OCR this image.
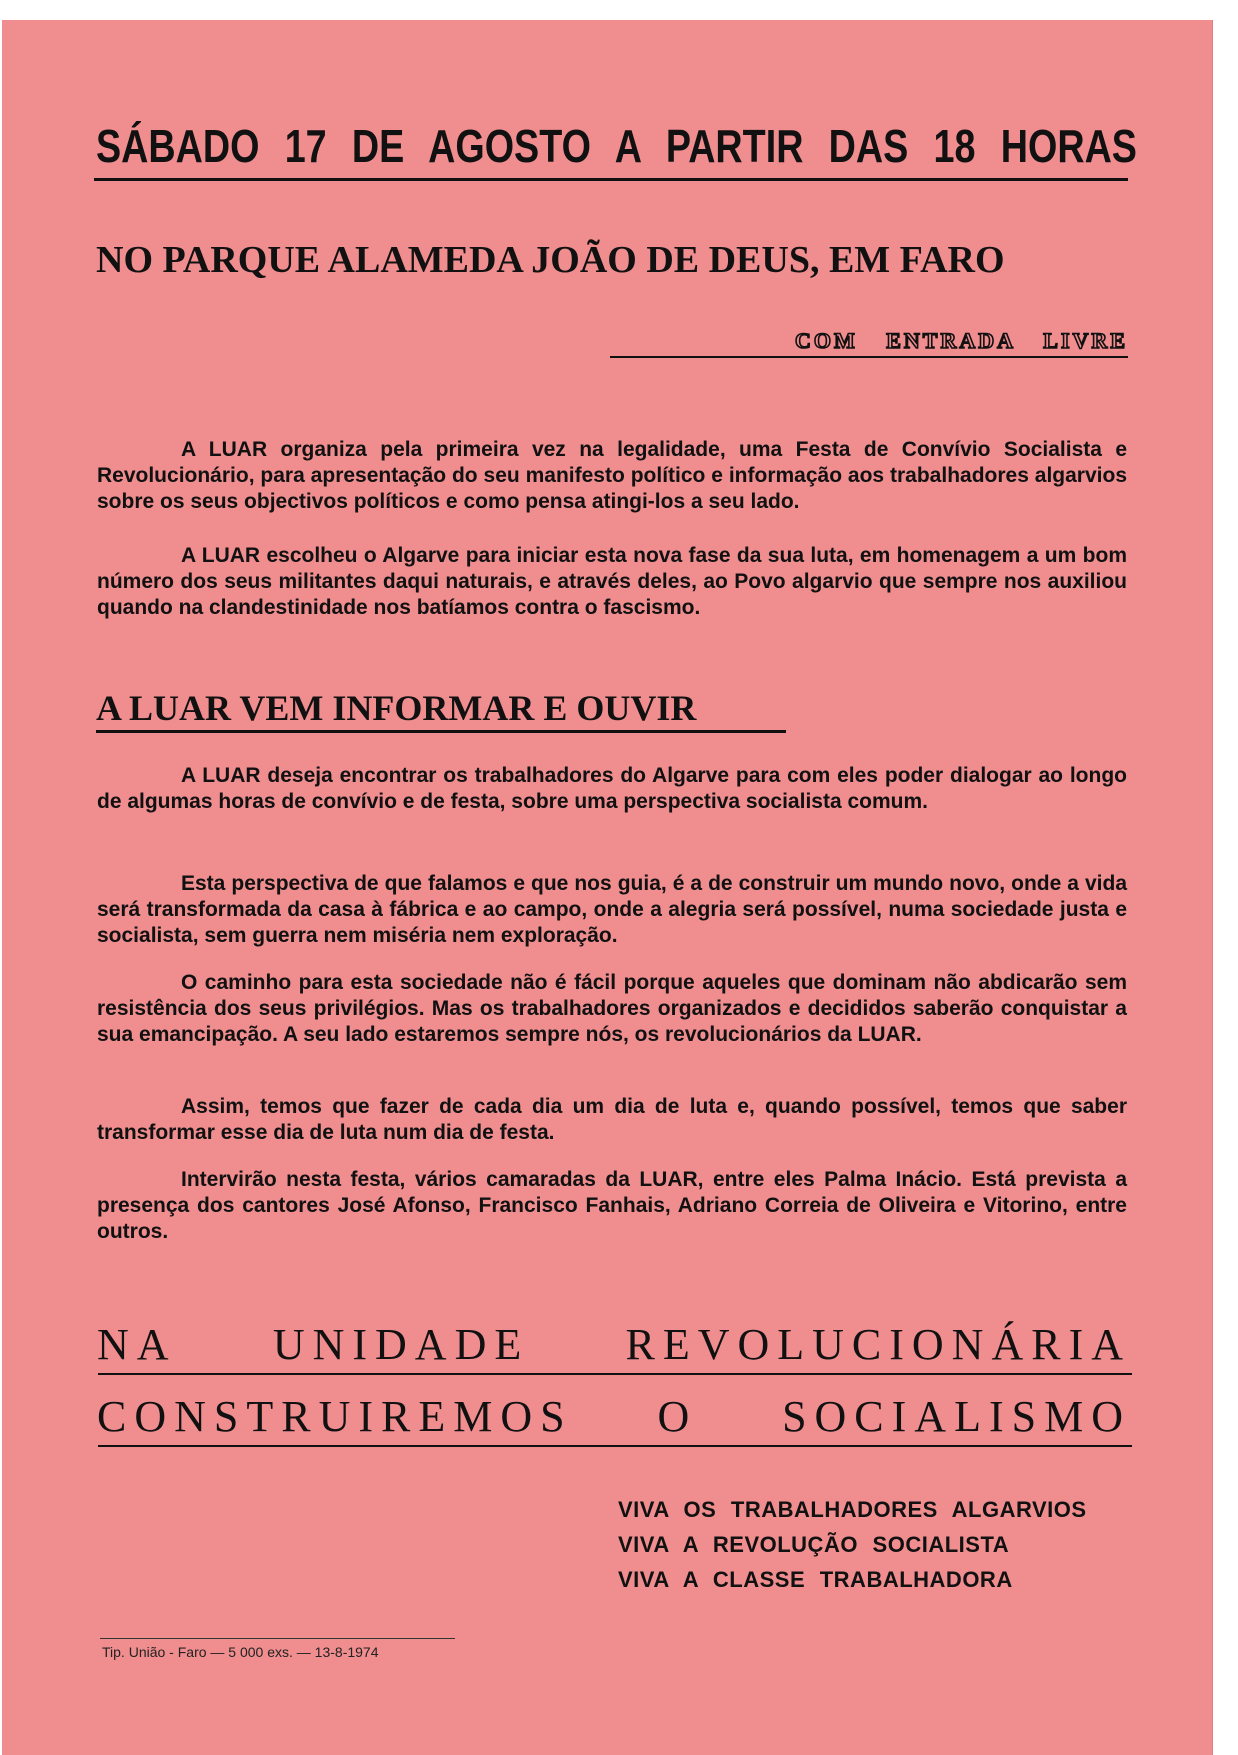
SÁBADO 17 DE AGOSTO A PARTIR DAS 18 HORAS
NO PARQUE ALAMEDA JOÃO DE DEUS, EM FARO
COM ENTRADA LIVRE

A LUAR organiza pela primeira vez na legalidade, uma Festa de Convívio Socialista e Revolucionário, para apresentação do seu manifesto político e informação aos trabalhadores algarvios sobre os seus objectivos políticos e como pensa atingi-los a seu lado.

A LUAR escolheu o Algarve para iniciar esta nova fase da sua luta, em homenagem a um bom número dos seus militantes daqui naturais, e através deles, ao Povo algarvio que sempre nos auxiliou quando na clandestinidade nos batíamos contra o fascismo.

A LUAR VEM INFORMAR E OUVIR

A LUAR deseja encontrar os trabalhadores do Algarve para com eles poder dialogar ao longo de algumas horas de convívio e de festa, sobre uma perspectiva socialista comum.

Esta perspectiva de que falamos e que nos guia, é a de construir um mundo novo, onde a vida será transformada da casa à fábrica e ao campo, onde a alegria será possível, numa sociedade justa e socialista, sem guerra nem miséria nem exploração.

O caminho para esta sociedade não é fácil porque aqueles que dominam não abdicarão sem resistência dos seus privilégios. Mas os trabalhadores organizados e decididos saberão conquistar a sua emancipação. A seu lado estaremos sempre nós, os revolucionários da LUAR.

Assim, temos que fazer de cada dia um dia de luta e, quando possível, temos que saber transformar esse dia de luta num dia de festa.

Intervirão nesta festa, vários camaradas da LUAR, entre eles Palma Inácio. Está prevista a presença dos cantores José Afonso, Francisco Fanhais, Adriano Correia de Oliveira e Vitorino, entre outros.

NA UNIDADE REVOLUCIONÁRIA
CONSTRUIREMOS O SOCIALISMO
VIVA OS TRABALHADORES ALGARVIOS
VIVA A REVOLUÇÃO SOCIALISTA
VIVA A CLASSE TRABALHADORA
Tip. União - Faro — 5 000 exs. — 13-8-1974
